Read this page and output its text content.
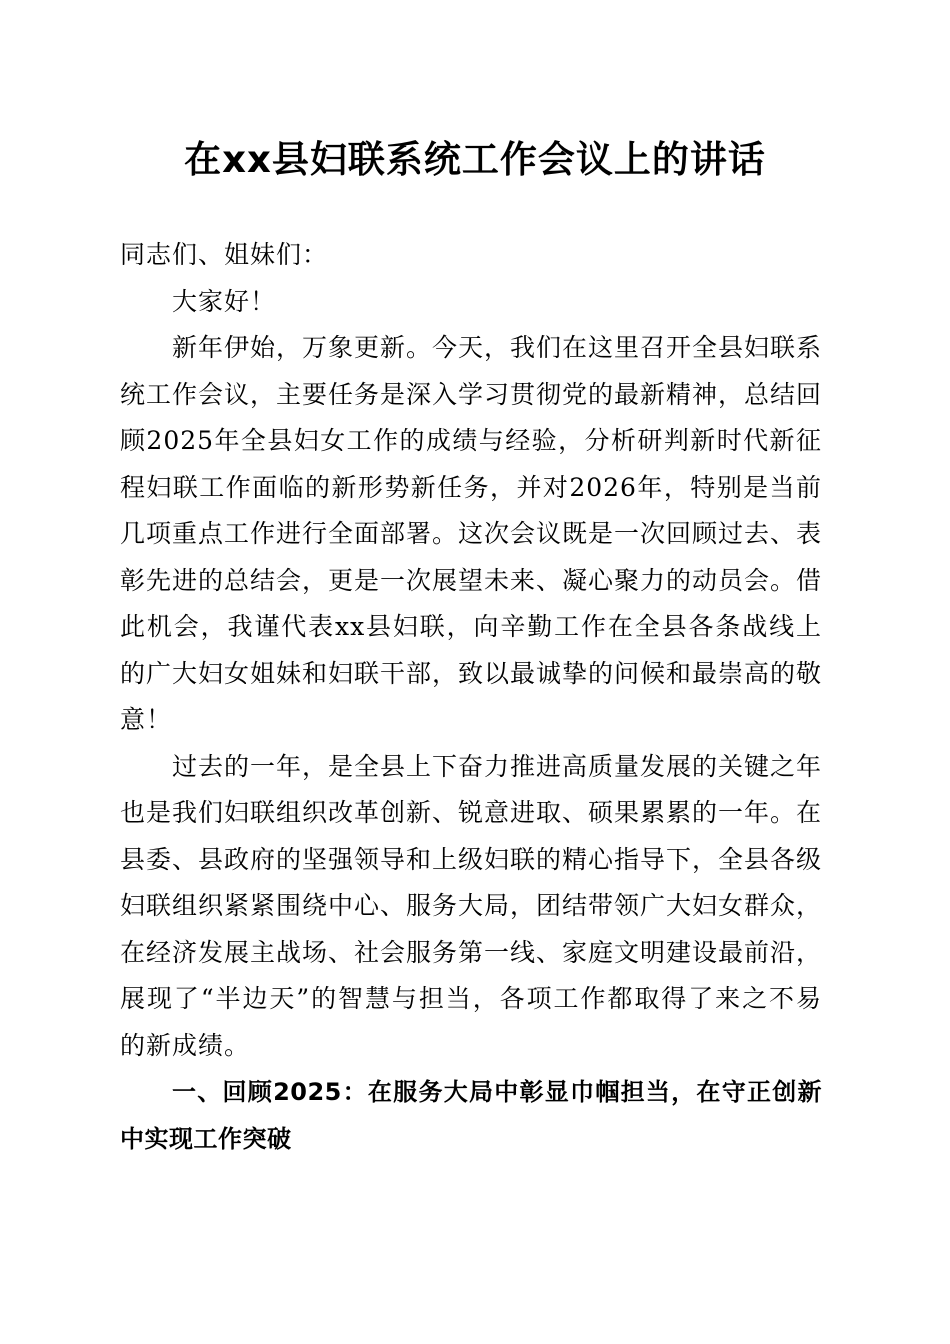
在xx县妇联系统工作会议上的讲话

同志们、姐妹们：

大家好！

新年伊始，万象更新。今天，我们在这里召开全县妇联系统工作会议，主要任务是深入学习贯彻党的最新精神，总结回顾2025年全县妇女工作的成绩与经验，分析研判新时代新征程妇联工作面临的新形势新任务，并对2026年，特别是当前几项重点工作进行全面部署。这次会议既是一次回顾过去、表彰先进的总结会，更是一次展望未来、凝心聚力的动员会。借此机会，我谨代表xx县妇联，向辛勤工作在全县各条战线上的广大妇女姐妹和妇联干部，致以最诚挚的问候和最崇高的敬意！

过去的一年，是全县上下奋力推进高质量发展的关键之年也是我们妇联组织改革创新、锐意进取、硕果累累的一年。在县委、县政府的坚强领导和上级妇联的精心指导下，全县各级妇联组织紧紧围绕中心、服务大局，团结带领广大妇女群众，在经济发展主战场、社会服务第一线、家庭文明建设最前沿，展现了“半边天”的智慧与担当，各项工作都取得了来之不易的新成绩。

一、回顾2025：在服务大局中彰显巾帼担当，在守正创新中实现工作突破
